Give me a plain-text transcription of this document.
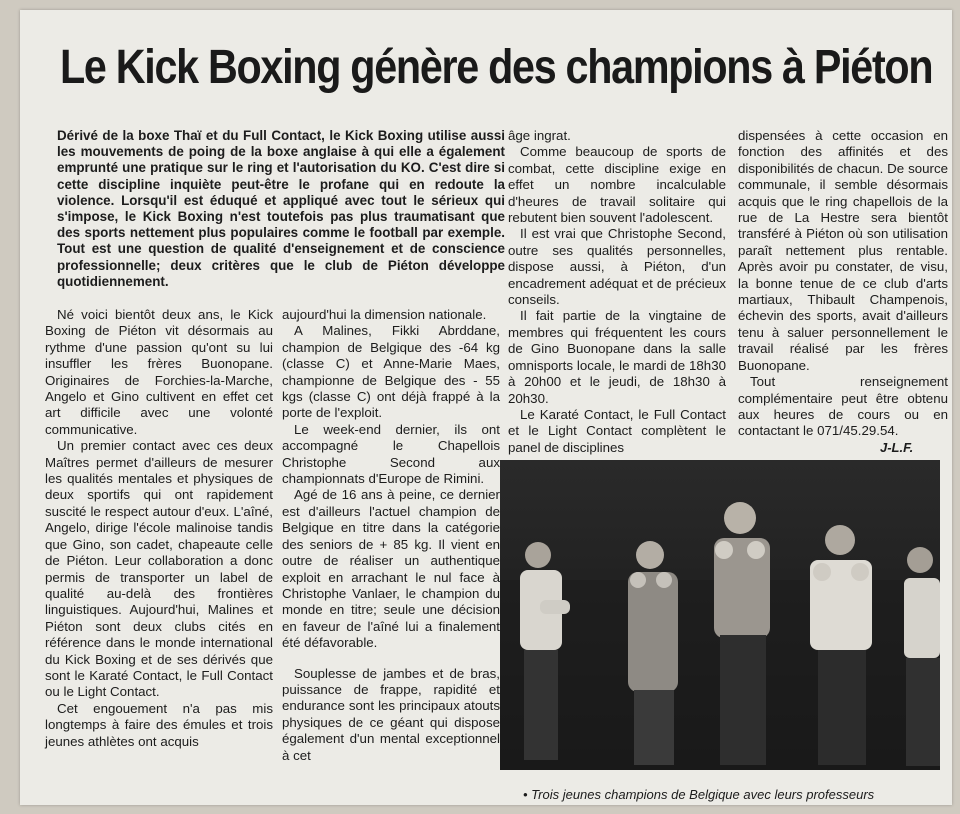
Le Kick Boxing génère des champions à Piéton

Dérivé de la boxe Thaï et du Full Contact, le Kick Boxing utilise aussi les mouvements de poing de la boxe anglaise à qui elle a également emprunté une pratique sur le ring et l'autorisation du KO. C'est dire si cette discipline inquiète peut-être le profane qui en redoute la violence. Lorsqu'il est éduqué et appliqué avec tout le sérieux qui s'impose, le Kick Boxing n'est toutefois pas plus traumatisant que des sports nettement plus populaires comme le football par exemple. Tout est une question de qualité d'enseignement et de conscience professionnelle; deux critères que le club de Piéton développe quotidiennement.

Né voici bientôt deux ans, le Kick Boxing de Piéton vit désormais au rythme d'une passion qu'ont su lui insuffler les frères Buonopane. Originaires de Forchies-la-Marche, Angelo et Gino cultivent en effet cet art difficile avec une volonté communicative.

Un premier contact avec ces deux Maîtres permet d'ailleurs de mesurer les qualités mentales et physiques de deux sportifs qui ont rapidement suscité le respect autour d'eux. L'aîné, Angelo, dirige l'école malinoise tandis que Gino, son cadet, chapeaute celle de Piéton. Leur collaboration a donc permis de transporter un label de qualité au-delà des frontières linguistiques. Aujourd'hui, Malines et Piéton sont deux clubs cités en référence dans le monde international du Kick Boxing et de ses dérivés que sont le Karaté Contact, le Full Contact ou le Light Contact.

Cet engouement n'a pas mis longtemps à faire des émules et trois jeunes athlètes ont acquis

aujourd'hui la dimension nationale.

A Malines, Fikki Abrddane, champion de Belgique des -64 kg (classe C) et Anne-Marie Maes, championne de Belgique des - 55 kgs (classe C) ont déjà frappé à la porte de l'exploit.

Le week-end dernier, ils ont accompagné le Chapellois Christophe Second aux championnats d'Europe de Rimini.

Agé de 16 ans à peine, ce dernier est d'ailleurs l'actuel champion de Belgique en titre dans la catégorie des seniors de + 85 kg. Il vient en outre de réaliser un authentique exploit en arrachant le nul face à Christophe Vanlaer, le champion du monde en titre; seule une décision en faveur de l'aîné lui a finalement été défavorable.

Souplesse de jambes et de bras, puissance de frappe, rapidité et endurance sont les principaux atouts physiques de ce géant qui dispose également d'un mental exceptionnel à cet

âge ingrat.

Comme beaucoup de sports de combat, cette discipline exige en effet un nombre incalculable d'heures de travail solitaire qui rebutent bien souvent l'adolescent.

Il est vrai que Christophe Second, outre ses qualités personnelles, dispose aussi, à Piéton, d'un encadrement adéquat et de précieux conseils.

Il fait partie de la vingtaine de membres qui fréquentent les cours de Gino Buonopane dans la salle omnisports locale, le mardi de 18h30 à 20h00 et le jeudi, de 18h30 à 20h30.

Le Karaté Contact, le Full Contact et le Light Contact complètent le panel de disciplines

dispensées à cette occasion en fonction des affinités et des disponibilités de chacun. De source communale, il semble désormais acquis que le ring chapellois de la rue de La Hestre sera bientôt transféré à Piéton où son utilisation paraît nettement plus rentable. Après avoir pu constater, de visu, la bonne tenue de ce club d'arts martiaux, Thibault Champenois, échevin des sports, avait d'ailleurs tenu à saluer personnellement le travail réalisé par les frères Buonopane.

Tout renseignement complémentaire peut être obtenu aux heures de cours ou en contactant le 071/45.29.54.

J-L.F.
• Trois jeunes champions de Belgique avec leurs professeurs
